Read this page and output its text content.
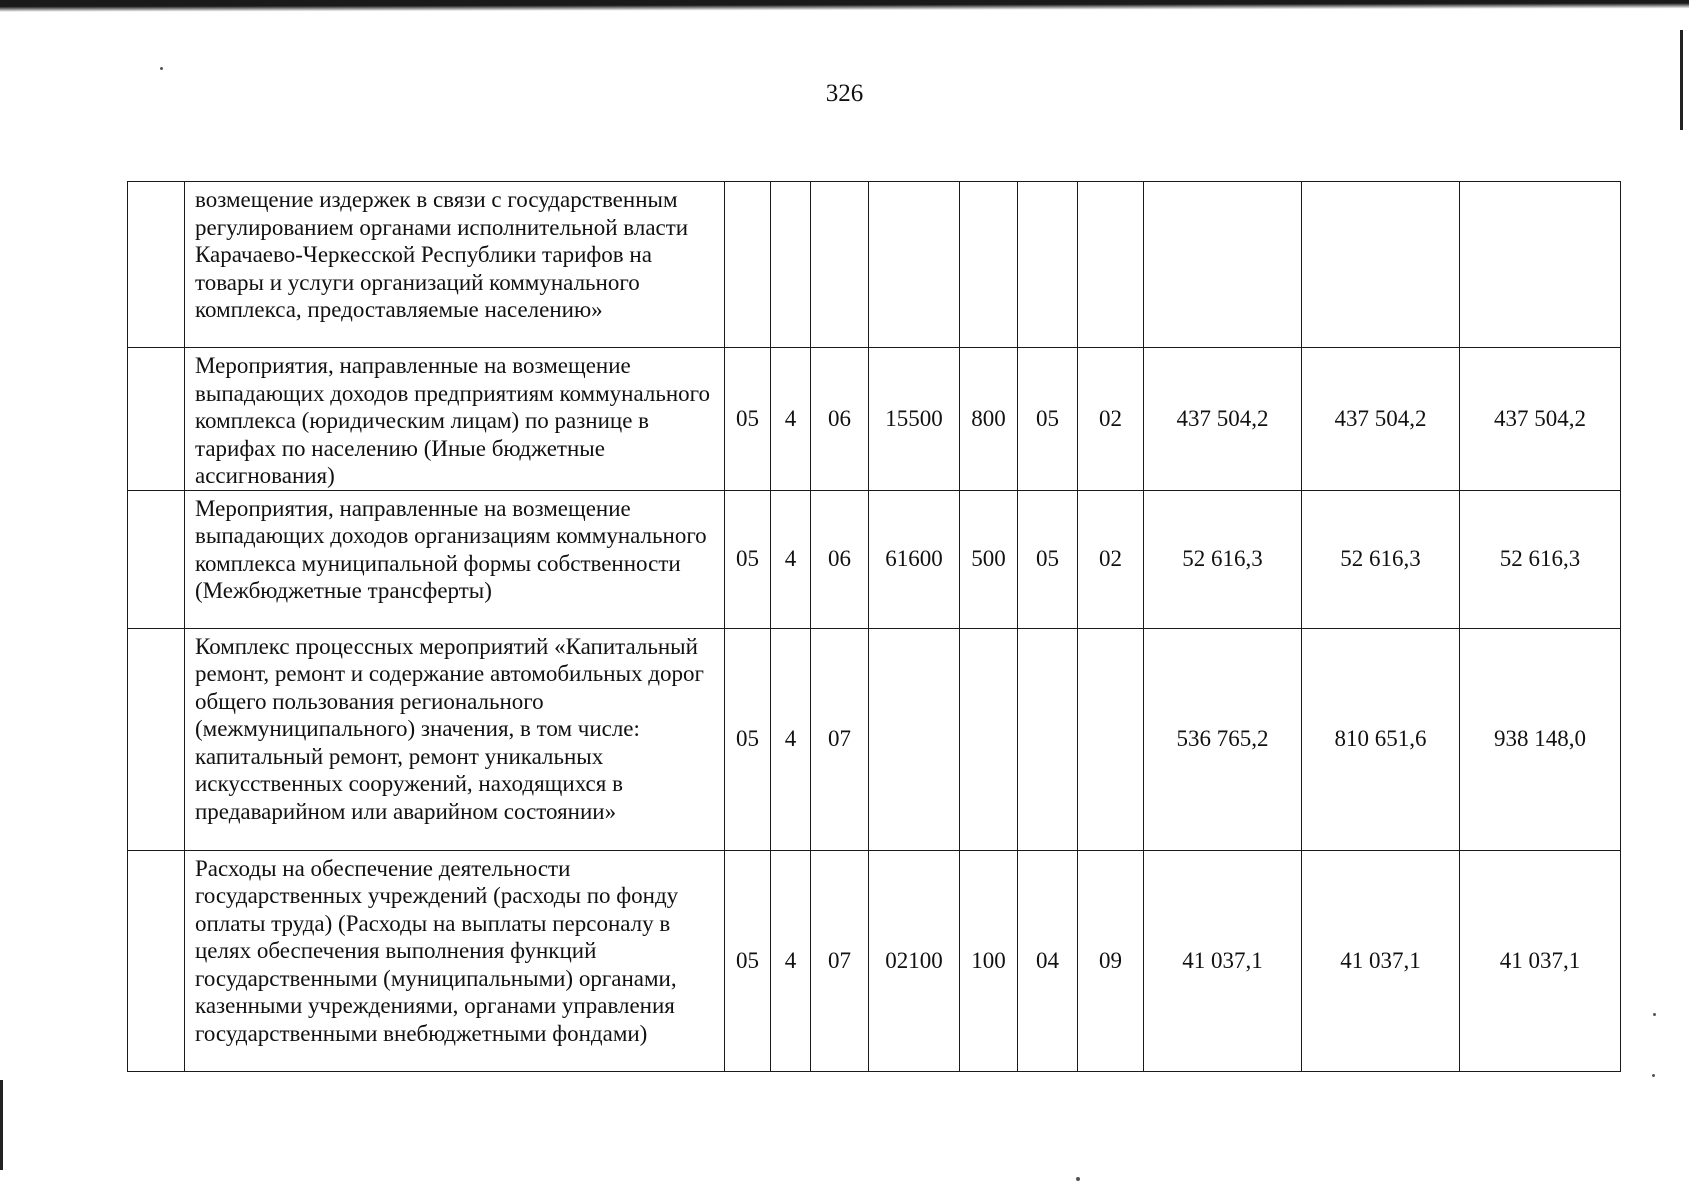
326
	возмещение издержек в связи с государственным регулированием органами исполнительной власти Карачаево-Черкесской Республики тарифов на товары и услуги организаций коммунального комплекса, предоставляемые населению»										
	Мероприятия, направленные на возмещение выпадающих доходов предприятиям коммунального комплекса (юридическим лицам) по разнице в тарифах по населению (Иные бюджетные ассигнования)	05	4	06	15500	800	05	02	437 504,2	437 504,2	437 504,2
	Мероприятия, направленные на возмещение выпадающих доходов организациям коммунального комплекса муниципальной формы собственности (Межбюджетные трансферты)	05	4	06	61600	500	05	02	52 616,3	52 616,3	52 616,3
	Комплекс процессных мероприятий «Капитальный ремонт, ремонт и содержание автомобильных дорог общего пользования регионального (межмуниципального) значения, в том числе: капитальный ремонт, ремонт уникальных искусственных сооружений, находящихся в предаварийном или аварийном состоянии»	05	4	07					536 765,2	810 651,6	938 148,0
	Расходы на обеспечение деятельности государственных учреждений (расходы по фонду оплаты труда) (Расходы на выплаты персоналу в целях обеспечения выполнения функций государственными (муниципальными) органами, казенными учреждениями, органами управления государственными внебюджетными фондами)	05	4	07	02100	100	04	09	41 037,1	41 037,1	41 037,1
